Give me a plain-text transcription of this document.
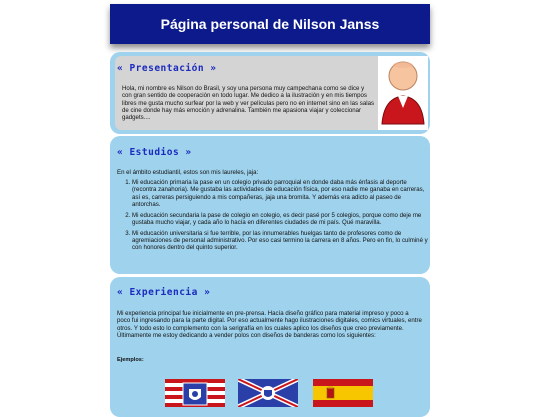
Página personal de Nilson Janss
« Presentación »
Hola, mi nombre es Nilson do Brasil, y soy una persona muy campechana como se dice y con gran sentido de cooperación en todo lugar. Me dedico a la ilustración y en mis tiempos libres me gusta mucho surfear por la web y ver películas pero no en internet sino en las salas de cine donde hay más emoción y adrenalina. También me apasiona viajar y coleccionar gadgets....
« Estudios »
En el ámbito estudiantil, estos son mis laureles, jaja:
1. Mi educación primaria la pase en un colegio privado parroquial en donde daba más énfasis al deporte (recontra zanahoria). Me gustaba las actividades de educación física, por eso nadie me ganaba en carreras, así es, carreras persiguiendo a mis compañeras, jaja una bromita. Y además era adicto al paseo de antorchas.
2. Mi educación secundaria la pase de colegio en colegio, es decir pasé por 5 colegios, porque como deje me gustaba mucho viajar, y cada año lo hacía en diferentes ciudades de mi país. Qué maravilla.
3. Mi educación universitaria si fue terrible, por las innumerables huelgas tanto de profesores como de agremiaciones de personal administrativo. Por eso casi termino la carrera en 8 años. Pero en fin, lo culminé y con honores dentro del quinto superior.
« Experiencia »
Mi experiencia principal fue inicialmente en pre-prensa. Hacía diseño gráfico para material impreso y poco a poco fui ingresando para la parte digital. Por eso actualmente hago ilustraciones digitales, comics virtuales, entre otros. Y todo esto lo complemento con la serigrafía en los cuales aplico los diseños que creo previamente. Últimamente me estoy dedicando a vender polos con diseños de banderas como los siguientes:
Ejemplos:
